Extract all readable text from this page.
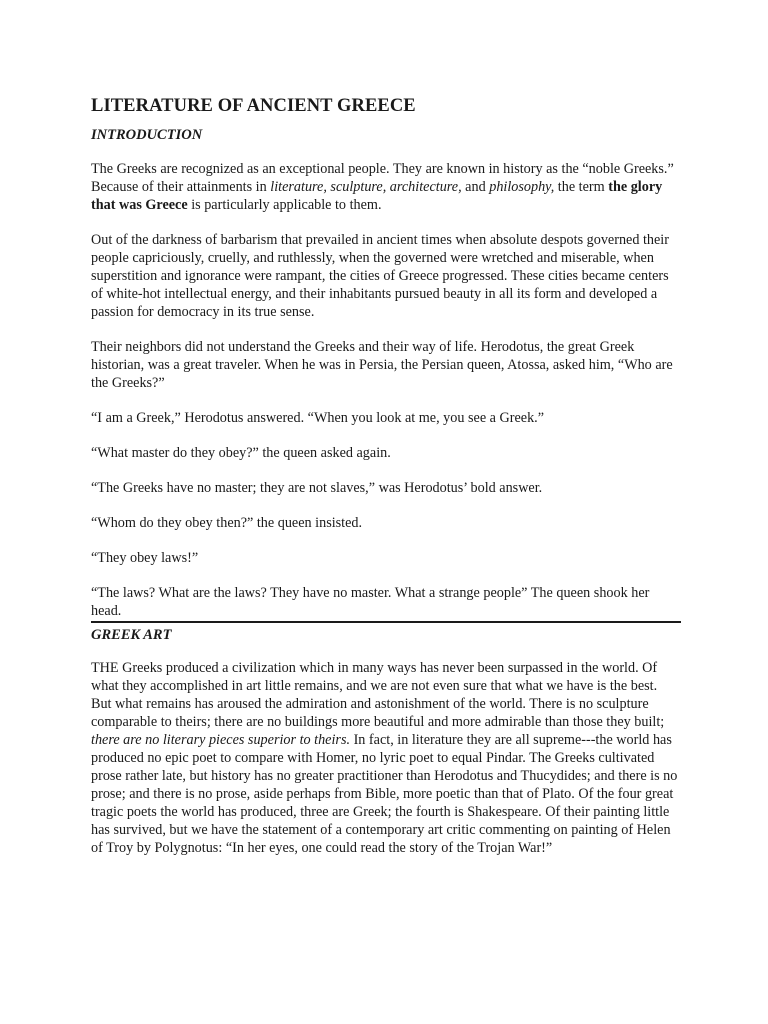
LITERATURE OF ANCIENT GREECE
INTRODUCTION

The Greeks are recognized as an exceptional people. They are known in history as the “noble Greeks.” Because of their attainments in literature, sculpture, architecture, and philosophy, the term the glory that was Greece is particularly applicable to them.

Out of the darkness of barbarism that prevailed in ancient times when absolute despots governed their people capriciously, cruelly, and ruthlessly, when the governed were wretched and miserable, when superstition and ignorance were rampant, the cities of Greece progressed. These cities became centers of white-hot intellectual energy, and their inhabitants pursued beauty in all its form and developed a passion for democracy in its true sense.

Their neighbors did not understand the Greeks and their way of life. Herodotus, the great Greek historian, was a great traveler. When he was in Persia, the Persian queen, Atossa, asked him, “Who are the Greeks?”

“I am a Greek,” Herodotus answered. “When you look at me, you see a Greek.”

“What master do they obey?” the queen asked again.

“The Greeks have no master; they are not slaves,” was Herodotus’ bold answer.

“Whom do they obey then?” the queen insisted.

“They obey laws!”

“The laws? What are the laws? They have no master. What a strange people” The queen shook her head.

GREEK ART

THE Greeks produced a civilization which in many ways has never been surpassed in the world. Of what they accomplished in art little remains, and we are not even sure that what we have is the best. But what remains has aroused the admiration and astonishment of the world. There is no sculpture comparable to theirs; there are no buildings more beautiful and more admirable than those they built; there are no literary pieces superior to theirs. In fact, in literature they are all supreme---the world has produced no epic poet to compare with Homer, no lyric poet to equal Pindar. The Greeks cultivated prose rather late, but history has no greater practitioner than Herodotus and Thucydides; and there is no prose; and there is no prose, aside perhaps from Bible, more poetic than that of Plato. Of the four great tragic poets the world has produced, three are Greek; the fourth is Shakespeare. Of their painting little has survived, but we have the statement of a contemporary art critic commenting on painting of Helen of Troy by Polygnotus: “In her eyes, one could read the story of the Trojan War!”
